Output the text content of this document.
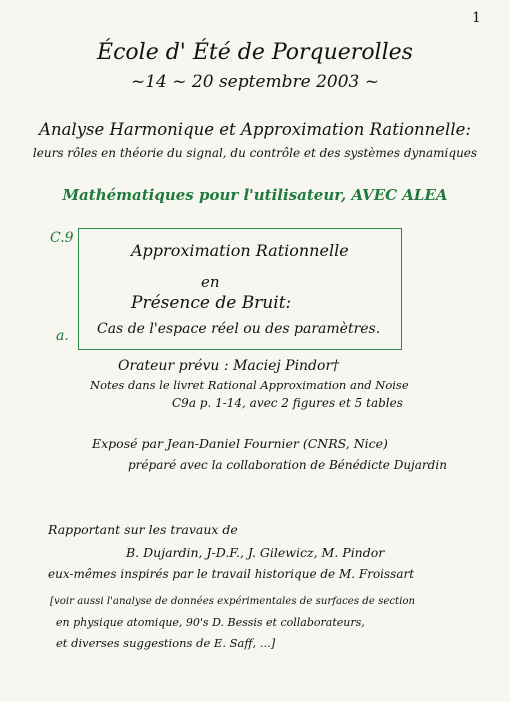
1
École d' Été de Porquerolles
~14 ~ 20 septembre 2003 ~
Analyse Harmonique et Approximation Rationnelle:
leurs rôles en théorie du signal, du contrôle et des systèmes dynamiques
Mathématiques pour l'utilisateur, AVEC ALEA
C.9
a.
Approximation Rationnelle
en
Présence de Bruit:
Cas de l'espace réel ou des paramètres.
Orateur prévu : Maciej Pindor†
Notes dans le livret Rational Approximation and Noise
C9a p. 1-14, avec 2 figures et 5 tables
Exposé par Jean-Daniel Fournier (CNRS, Nice)
préparé avec la collaboration de Bénédicte Dujardin
Rapportant sur les travaux de
B. Dujardin, J-D.F., J. Gilewicz, M. Pindor
eux-mêmes inspirés par le travail historique de M. Froissart
[voir aussi l'analyse de données expérimentales de surfaces de section
en physique atomique, 90's D. Bessis et collaborateurs,
et diverses suggestions de E. Saff, ...]
